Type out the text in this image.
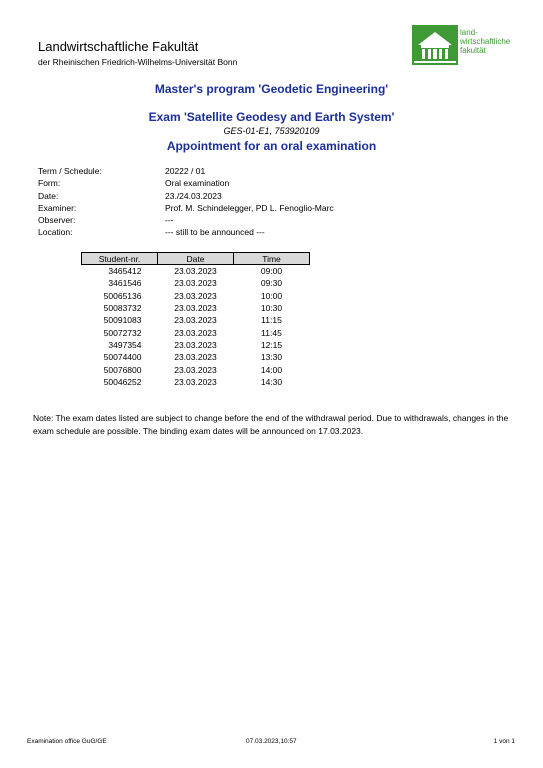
Landwirtschaftliche Fakultät
der Rheinischen Friedrich-Wilhelms-Universität Bonn
land-
wirtschaftliche
fakultät
Master's program 'Geodetic Engineering'
Exam 'Satellite Geodesy and Earth System'
GES-01-E1, 753920109
Appointment for an oral examination
Term / Schedule:	20222 / 01
Form:	Oral examination
Date:	23./24.03.2023
Examiner:	Prof. M. Schindelegger, PD L. Fenoglio-Marc
Observer:	---
Location:	--- still to be announced ---
Student-nr.	Date	Time
3465412	23.03.2023	09:00
3461546	23.03.2023	09:30
50065136	23.03.2023	10:00
50083732	23.03.2023	10:30
50091083	23.03.2023	11:15
50072732	23.03.2023	11:45
3497354	23.03.2023	12:15
50074400	23.03.2023	13:30
50076800	23.03.2023	14:00
50046252	23.03.2023	14:30
Note: The exam dates listed are subject to change before the end of the withdrawal period. Due to withdrawals, changes in the exam schedule are possible. The binding exam dates will be announced on 17.03.2023.
Examination office GuG/GE	07.03.2023,10:57	1 von 1
